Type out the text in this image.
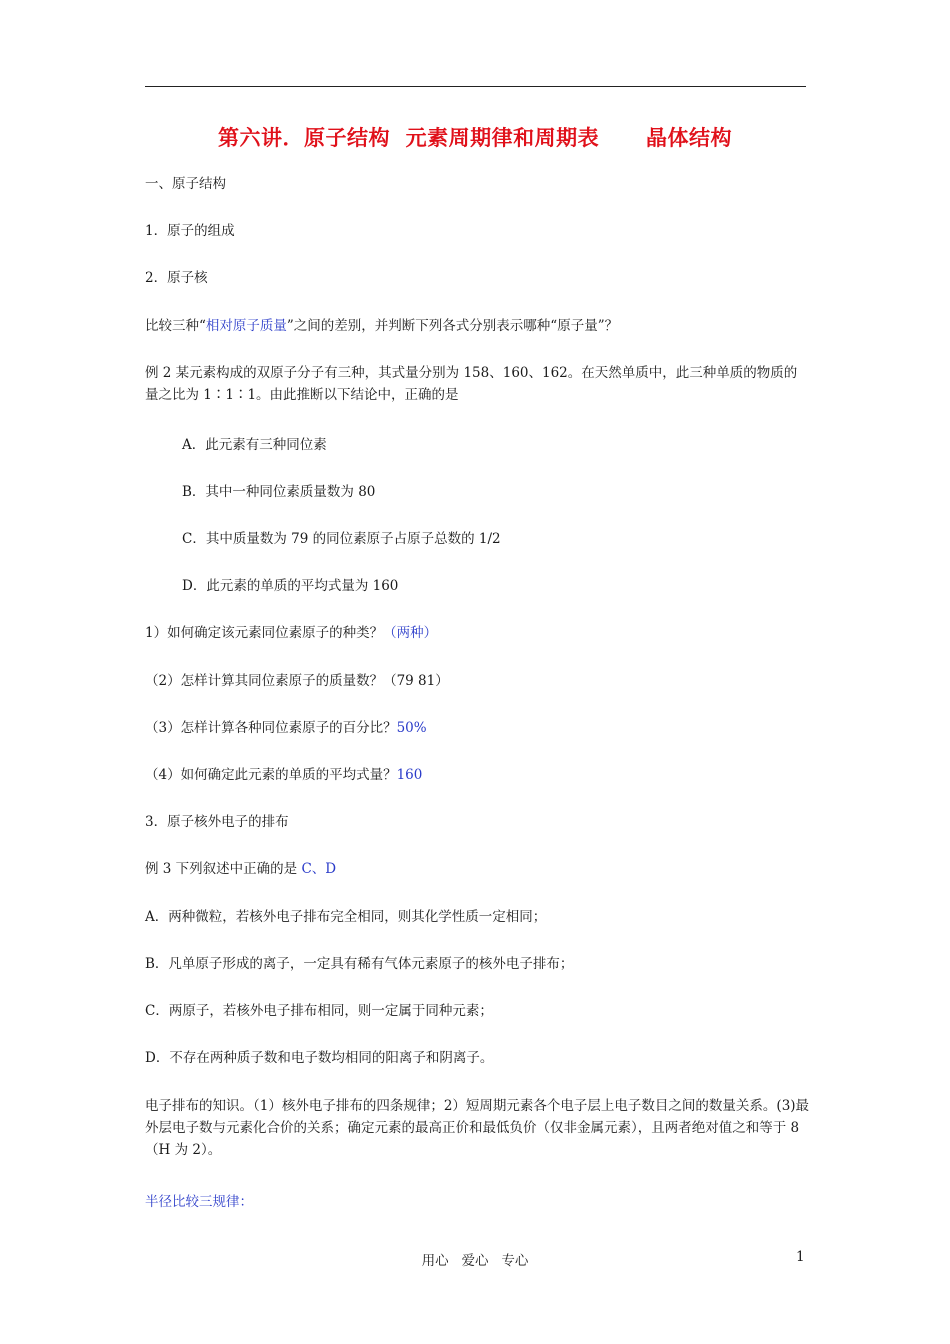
第六讲．原子结构  元素周期律和周期表      晶体结构
一、原子结构
1．原子的组成
2．原子核
比较三种“相对原子质量”之间的差别，并判断下列各式分别表示哪种“原子量”？
例 2 某元素构成的双原子分子有三种，其式量分别为 158、160、162。在天然单质中，此三种单质的物质的量之比为 1∶1∶1。由此推断以下结论中，正确的是
A．此元素有三种同位素
B．其中一种同位素质量数为 80
C．其中质量数为 79 的同位素原子占原子总数的 1/2
D．此元素的单质的平均式量为 160
1）如何确定该元素同位素原子的种类？（两种）
（2）怎样计算其同位素原子的质量数？（79 81）
（3）怎样计算各种同位素原子的百分比？50%
（4）如何确定此元素的单质的平均式量？160
3．原子核外电子的排布
例 3 下列叙述中正确的是 C、D
A．两种微粒，若核外电子排布完全相同，则其化学性质一定相同；
B．凡单原子形成的离子，一定具有稀有气体元素原子的核外电子排布；
C．两原子，若核外电子排布相同，则一定属于同种元素；
D．不存在两种质子数和电子数均相同的阳离子和阴离子。
电子排布的知识。（1）核外电子排布的四条规律；2）短周期元素各个电子层上电子数目之间的数量关系。(3)最外层电子数与元素化合价的关系；确定元素的最高正价和最低负价（仅非金属元素），且两者绝对值之和等于 8（H 为 2）。
半径比较三规律：
用心   爱心   专心	1
